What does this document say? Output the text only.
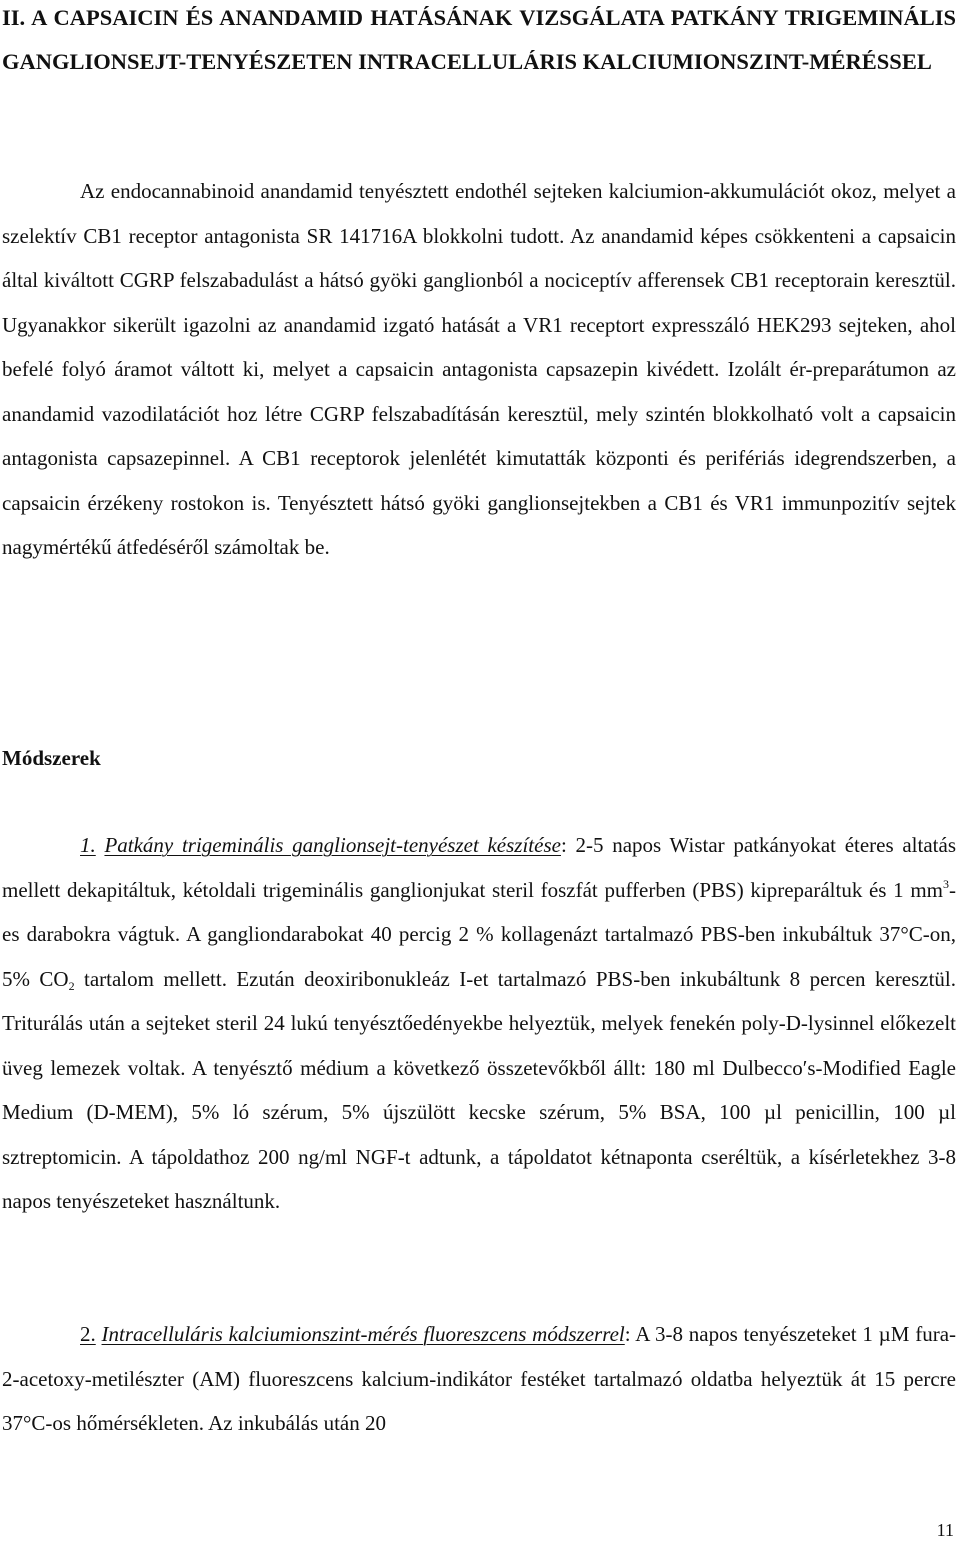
II. A CAPSAICIN ÉS ANANDAMID HATÁSÁNAK VIZSGÁLATA PATKÁNY TRIGEMINÁLIS GANGLIONSEJT-TENYÉSZETEN INTRACELLULÁRIS KALCIUMIONSZINT-MÉRÉSSEL

Az endocannabinoid anandamid tenyésztett endothél sejteken kalciumion-akkumulációt okoz, melyet a szelektív CB1 receptor antagonista SR 141716A blokkolni tudott. Az anandamid képes csökkenteni a capsaicin által kiváltott CGRP felszabadulást a hátsó gyöki ganglionból a nociceptív afferensek CB1 receptorain keresztül. Ugyanakkor sikerült igazolni az anandamid izgató hatását a VR1 receptort expresszáló HEK293 sejteken, ahol befelé folyó áramot váltott ki, melyet a capsaicin antagonista capsazepin kivédett. Izolált ér-preparátumon az anandamid vazodilatációt hoz létre CGRP felszabadításán keresztül, mely szintén blokkolható volt a capsaicin antagonista capsazepinnel. A CB1 receptorok jelenlétét kimutatták központi és perifériás idegrendszerben, a capsaicin érzékeny rostokon is. Tenyésztett hátsó gyöki ganglionsejtekben a CB1 és VR1 immunpozitív sejtek nagymértékű átfedéséről számoltak be.

Módszerek

1. Patkány trigeminális ganglionsejt-tenyészet készítése: 2-5 napos Wistar patkányokat éteres altatás mellett dekapitáltuk, kétoldali trigeminális ganglionjukat steril foszfát pufferben (PBS) kipreparáltuk és 1 $mm^3-es$ darabokra vágtuk. A gangliondarabokat 40 percig 2 % kollagenázt tartalmazó PBS-ben inkubáltuk 37°C-on, 5% $CO_2$ tartalom mellett. Ezután deoxiribonukleáz I-et tartalmazó PBS-ben inkubáltunk 8 percen keresztül. Triturálás után a sejteket steril 24 lukú tenyésztőedényekbe helyeztük, melyek fenekén poly-D-lysinnel előkezelt üveg lemezek voltak. A tenyésztő médium a következő összetevőkből állt: 180 ml Dulbecco′s-Modified Eagle Medium (D-MEM), 5% ló szérum, 5% újszülött kecske szérum, 5% BSA, 100 µl penicillin, 100 µl sztreptomicin. A tápoldathoz 200 ng/ml NGF-t adtunk, a tápoldatot kétnaponta cseréltük, a kísérletekhez 3-8 napos tenyészeteket használtunk.

2. Intracelluláris kalciumionszint-mérés fluoreszcens módszerrel: A 3-8 napos tenyészeteket 1 µM fura-2-acetoxy-metilészter (AM) fluoreszcens kalcium-indikátor festéket tartalmazó oldatba helyeztük át 15 percre 37°C-os hőmérsékleten. Az inkubálás után 20

11
